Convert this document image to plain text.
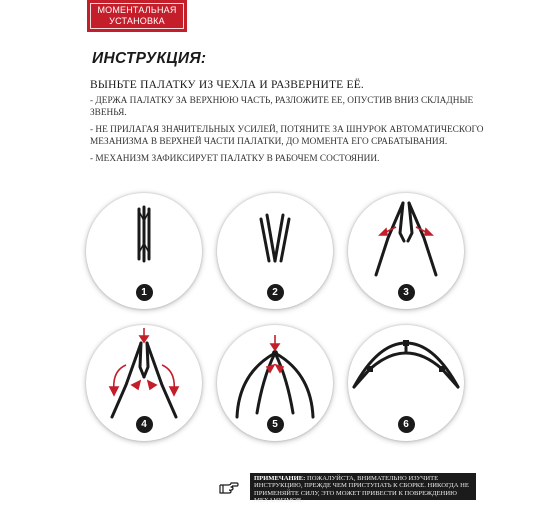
МОМЕНТАЛЬНАЯ
УСТАНОВКА
ИНСТРУКЦИЯ:

ВЫНЬТЕ ПАЛАТКУ ИЗ ЧЕХЛА И РАЗВЕРНИТЕ ЕЁ.

- ДЕРЖА ПАЛАТКУ ЗА ВЕРХНЮЮ ЧАСТЬ, РАЗЛОЖИТЕ ЕЕ, ОПУСТИВ ВНИЗ СКЛАДНЫЕ ЗВЕНЬЯ.

- НЕ ПРИЛАГАЯ ЗНАЧИТЕЛЬНЫХ УСИЛЕЙ, ПОТЯНИТЕ ЗА ШНУРОК АВТОМАТИЧЕСКОГО МЕЗАНИЗМА В ВЕРХНЕЙ ЧАСТИ ПАЛАТКИ, ДО МОМЕНТА ЕГО СРАБАТЫВАНИЯ.

- МЕХАНИЗМ ЗАФИКСИРУЕТ ПАЛАТКУ В РАБОЧЕМ СОСТОЯНИИ.

1	2	3
4	5	6
ПРИМЕЧАНИЕ: ПОЖАЛУЙСТА, ВНИМАТЕЛЬНО ИЗУЧИТЕ ИНСТРУКЦИЮ, ПРЕЖДЕ ЧЕМ ПРИСТУПАТЬ К СБОРКЕ. НИКОГДА НЕ ПРИМЕНЯЙТЕ СИЛУ, ЭТО МОЖЕТ ПРИВЕСТИ К ПОВРЕЖДЕНИЮ МЕХАНИЗМОВ.
